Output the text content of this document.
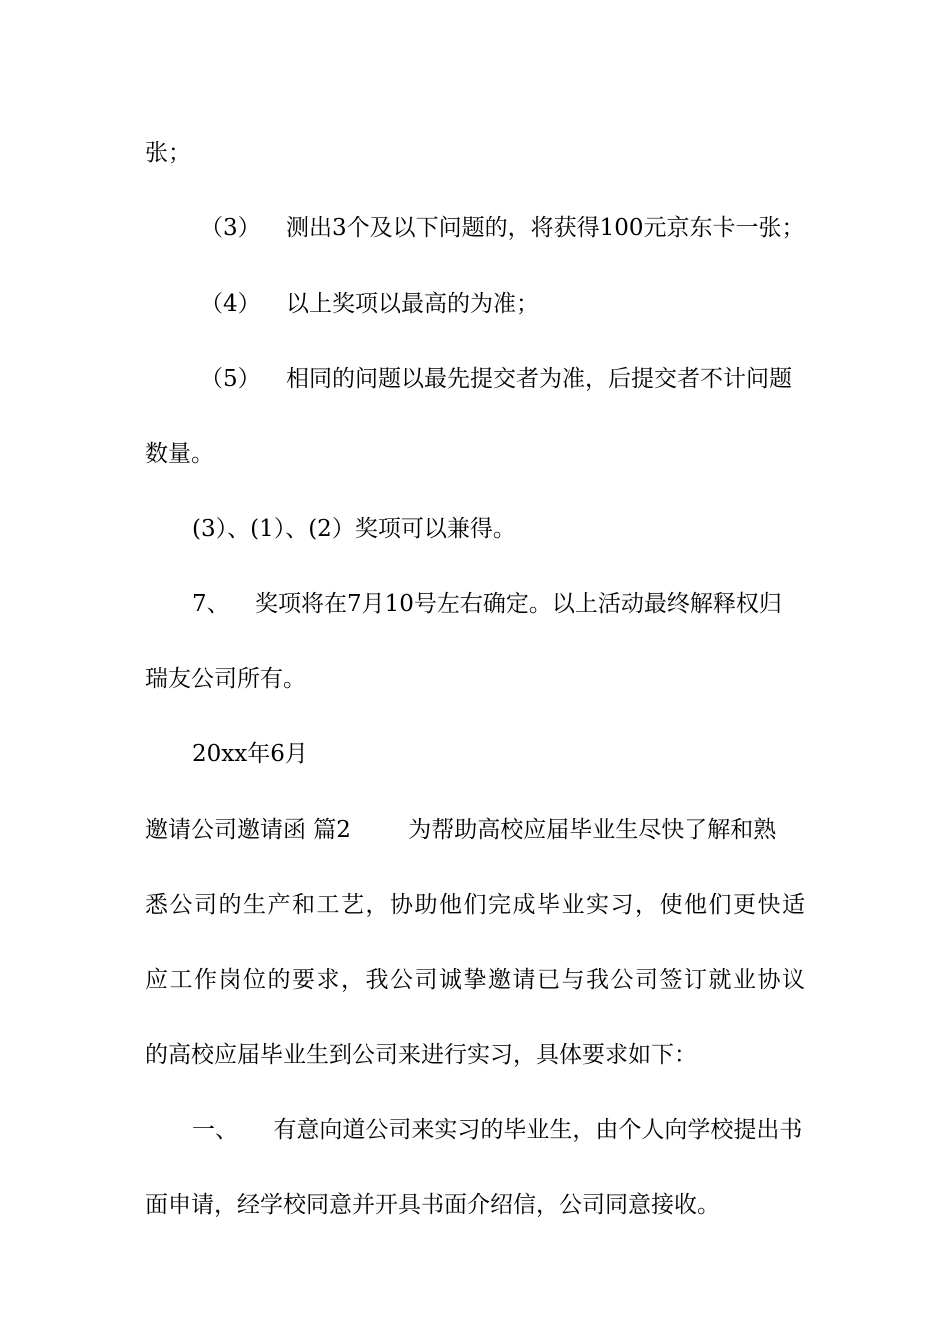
张；
（3） 测出3个及以下问题的，将获得100元京东卡一张；
（4） 以上奖项以最高的为准；
（5） 相同的问题以最先提交者为准，后提交者不计问题
数量。
(3）、(1）、(2）奖项可以兼得。
7、 奖项将在7月10号左右确定。以上活动最终解释权归
瑞友公司所有。
20xx年6月
邀请公司邀请函 篇2 为帮助高校应届毕业生尽快了解和熟
悉公司的生产和工艺，协助他们完成毕业实习，使他们更快适
应工作岗位的要求，我公司诚挚邀请已与我公司签订就业协议
的高校应届毕业生到公司来进行实习，具体要求如下：
一、 有意向道公司来实习的毕业生，由个人向学校提出书
面申请，经学校同意并开具书面介绍信，公司同意接收。
